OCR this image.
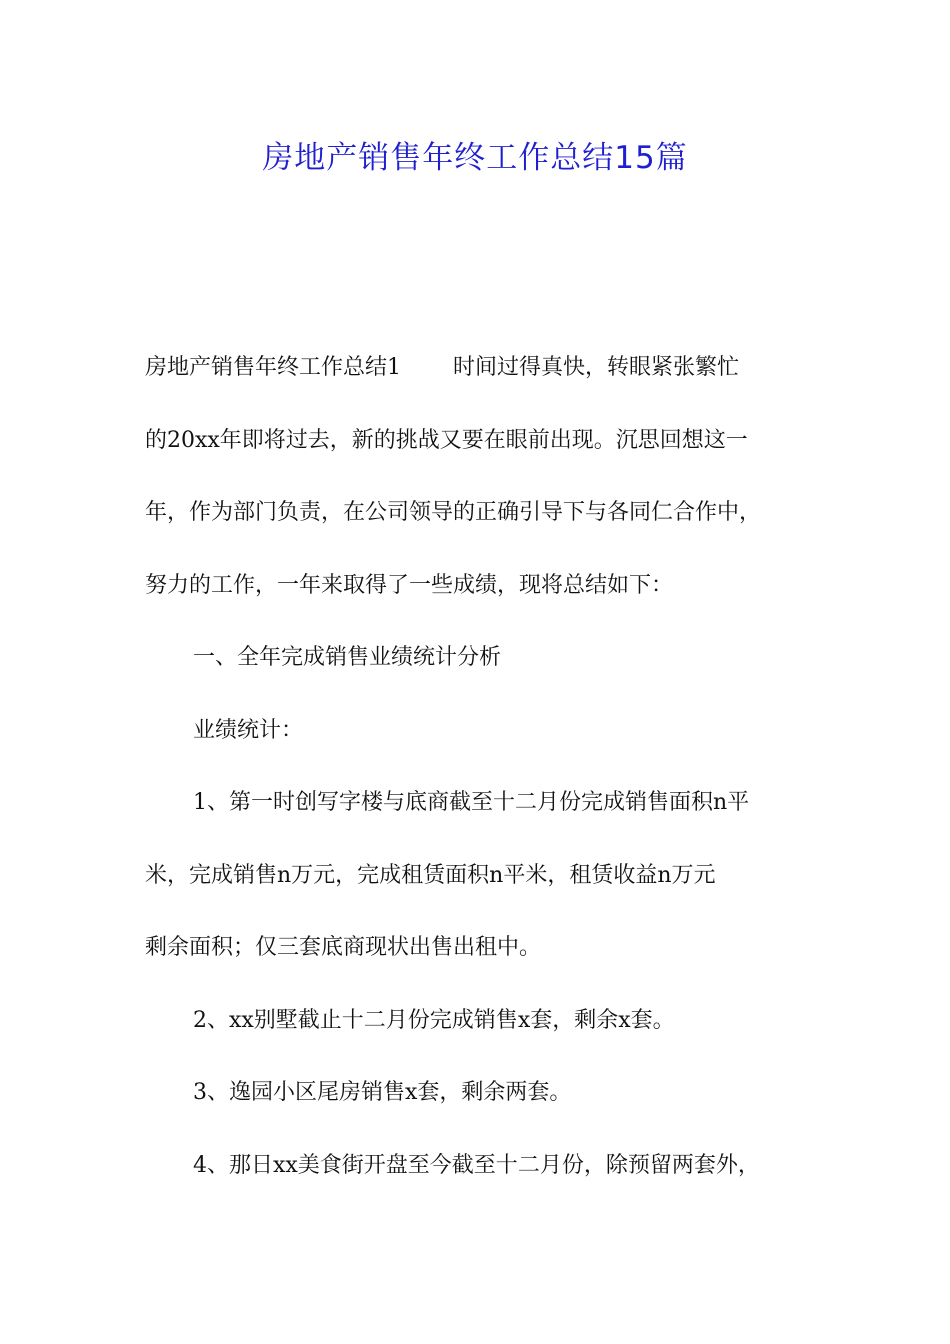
房地产销售年终工作总结15篇

房地产销售年终工作总结1 时间过得真快，转眼紧张繁忙

的20xx年即将过去，新的挑战又要在眼前出现。沉思回想这一

年，作为部门负责，在公司领导的正确引导下与各同仁合作中，

努力的工作，一年来取得了一些成绩，现将总结如下：

一、全年完成销售业绩统计分析

业绩统计：

1、第一时创写字楼与底商截至十二月份完成销售面积n平

米，完成销售n万元，完成租赁面积n平米，租赁收益n万元

剩余面积；仅三套底商现状出售出租中。

2、xx别墅截止十二月份完成销售x套，剩余x套。

3、逸园小区尾房销售x套，剩余两套。

4、那日xx美食街开盘至今截至十二月份，除预留两套外，
